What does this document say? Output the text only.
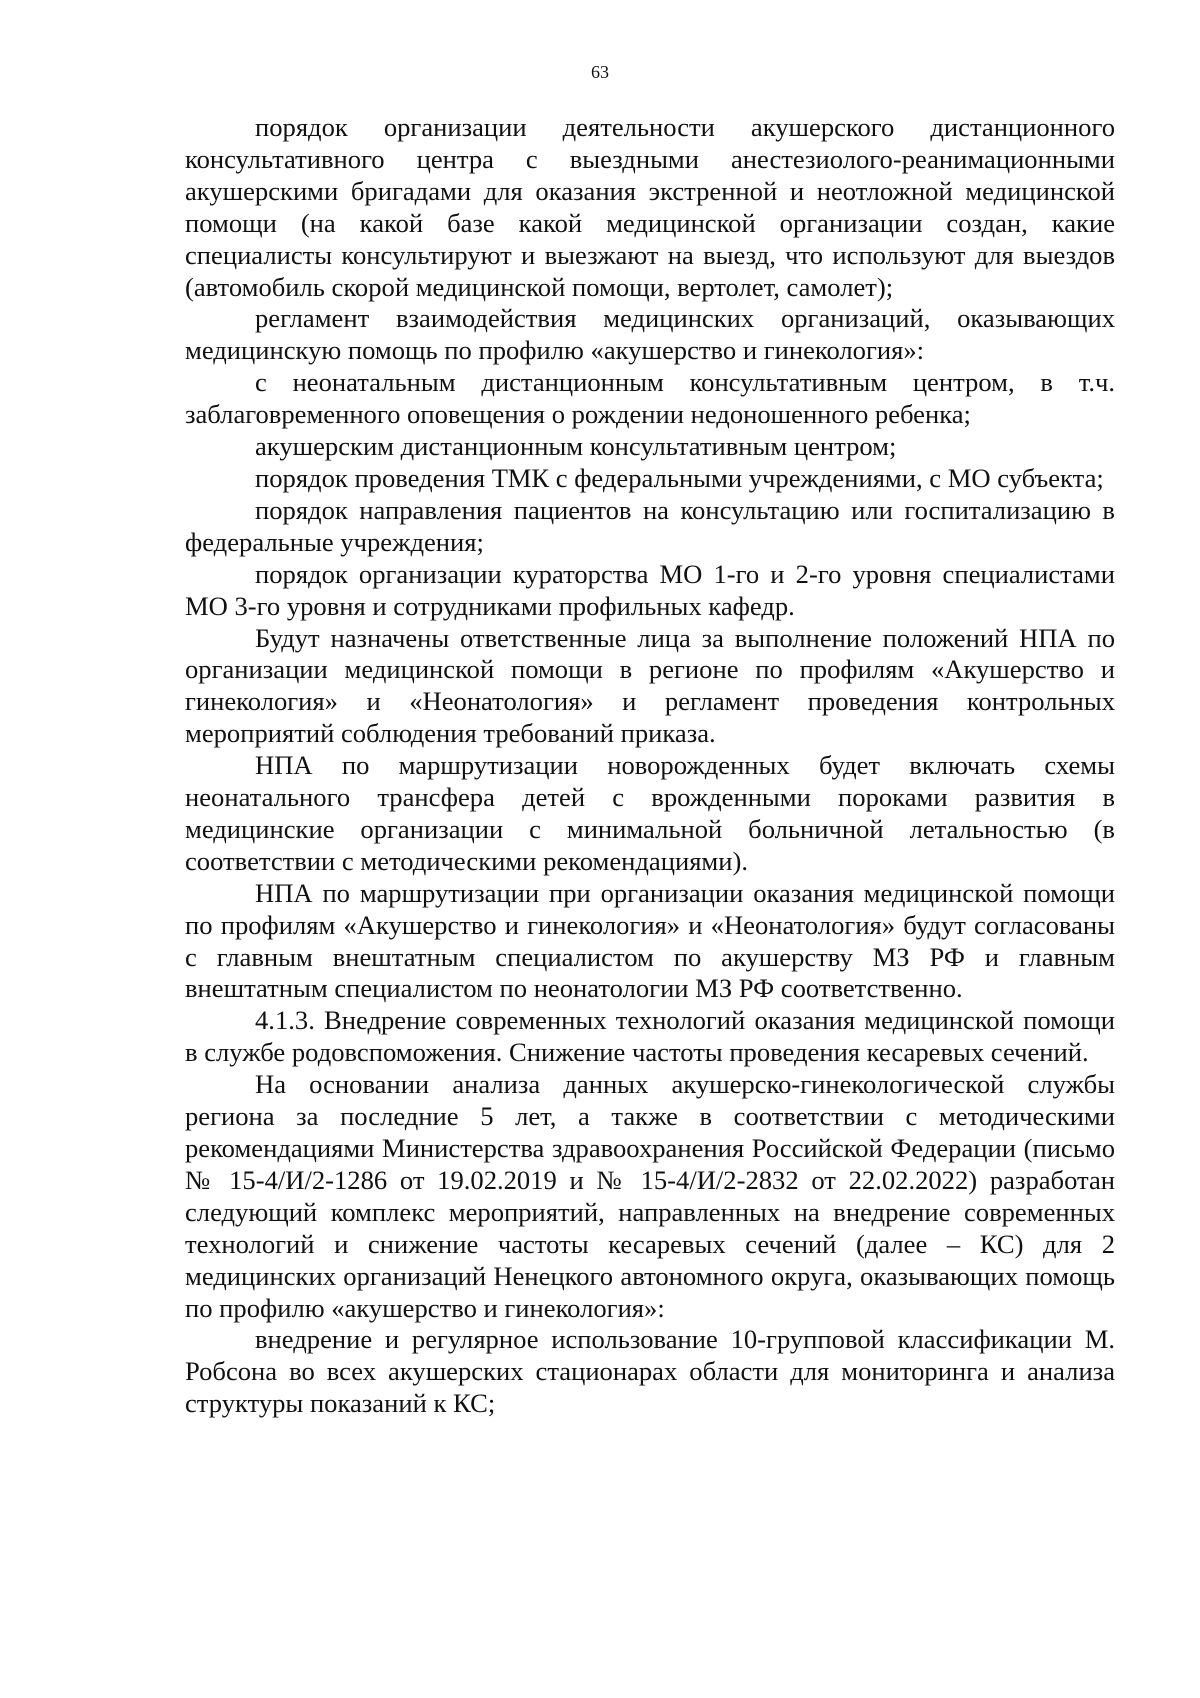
63

порядок организации деятельности акушерского дистанционного консультативного центра с выездными анестезиолого-реанимационными акушерскими бригадами для оказания экстренной и неотложной медицинской помощи (на какой базе какой медицинской организации создан, какие специалисты консультируют и выезжают на выезд, что используют для выездов (автомобиль скорой медицинской помощи, вертолет, самолет);

регламент взаимодействия медицинских организаций, оказывающих медицинскую помощь по профилю «акушерство и гинекология»:

с неонатальным дистанционным консультативным центром, в т.ч. заблаговременного оповещения о рождении недоношенного ребенка;

акушерским дистанционным консультативным центром;

порядок проведения ТМК с федеральными учреждениями, с МО субъекта;

порядок направления пациентов на консультацию или госпитализацию в федеральные учреждения;

порядок организации кураторства МО 1-го и 2-го уровня специалистами МО 3-го уровня и сотрудниками профильных кафедр.

Будут назначены ответственные лица за выполнение положений НПА по организации медицинской помощи в регионе по профилям «Акушерство и гинекология» и «Неонатология» и регламент проведения контрольных мероприятий соблюдения требований приказа.

НПА по маршрутизации новорожденных будет включать схемы неонатального трансфера детей с врожденными пороками развития в медицинские организации с минимальной больничной летальностью (в соответствии с методическими рекомендациями).

НПА по маршрутизации при организации оказания медицинской помощи по профилям «Акушерство и гинекология» и «Неонатология» будут согласованы с главным внештатным специалистом по акушерству МЗ РФ и главным внештатным специалистом по неонатологии МЗ РФ соответственно.

4.1.3. Внедрение современных технологий оказания медицинской помощи в службе родовспоможения. Снижение частоты проведения кесаревых сечений.

На основании анализа данных акушерско-гинекологической службы региона за последние 5 лет, а также в соответствии с методическими рекомендациями Министерства здравоохранения Российской Федерации (письмо № 15-4/И/2-1286 от 19.02.2019 и № 15-4/И/2-2832 от 22.02.2022) разработан следующий комплекс мероприятий, направленных на внедрение современных технологий и снижение частоты кесаревых сечений (далее – КС) для 2 медицинских организаций Ненецкого автономного округа, оказывающих помощь по профилю «акушерство и гинекология»:

внедрение и регулярное использование 10-групповой классификации М. Робсона во всех акушерских стационарах области для мониторинга и анализа структуры показаний к КС;
